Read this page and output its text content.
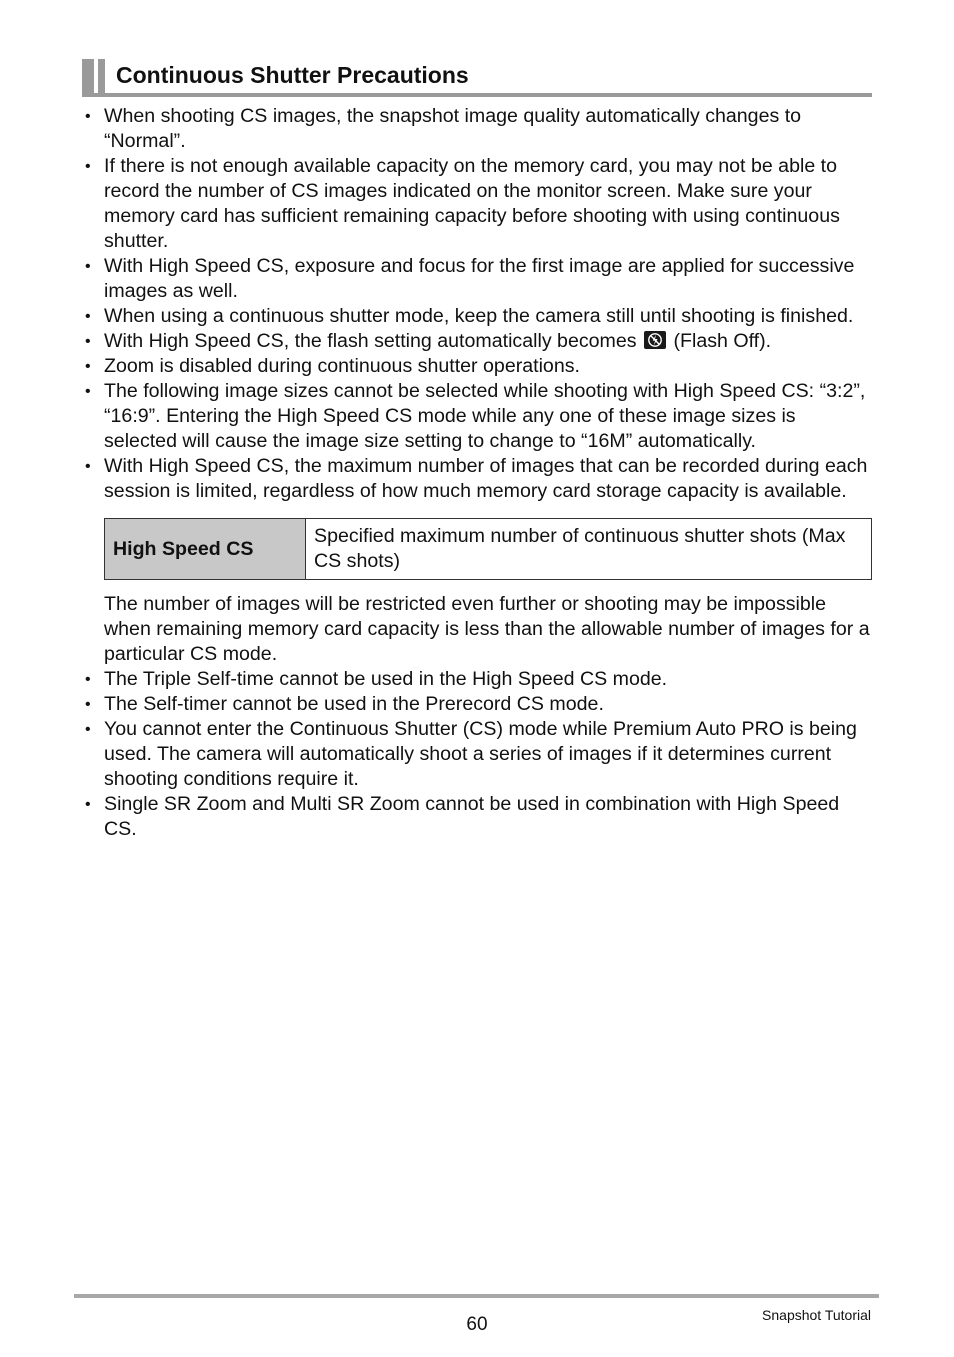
Continuous Shutter Precautions
• When shooting CS images, the snapshot image quality automatically changes to “Normal”.
• If there is not enough available capacity on the memory card, you may not be able to record the number of CS images indicated on the monitor screen. Make sure your memory card has sufficient remaining capacity before shooting with using continuous shutter.
• With High Speed CS, exposure and focus for the first image are applied for successive images as well.
• When using a continuous shutter mode, keep the camera still until shooting is finished.
• With High Speed CS, the flash setting automatically becomes (Flash Off).
• Zoom is disabled during continuous shutter operations.
• The following image sizes cannot be selected while shooting with High Speed CS: “3:2”, “16:9”. Entering the High Speed CS mode while any one of these image sizes is selected will cause the image size setting to change to “16M” automatically.
• With High Speed CS, the maximum number of images that can be recorded during each session is limited, regardless of how much memory card storage capacity is available.
High Speed CS	Specified maximum number of continuous shutter shots (Max CS shots)
The number of images will be restricted even further or shooting may be impossible when remaining memory card capacity is less than the allowable number of images for a particular CS mode.
• The Triple Self-time cannot be used in the High Speed CS mode.
• The Self-timer cannot be used in the Prerecord CS mode.
• You cannot enter the Continuous Shutter (CS) mode while Premium Auto PRO is being used. The camera will automatically shoot a series of images if it determines current shooting conditions require it.
• Single SR Zoom and Multi SR Zoom cannot be used in combination with High Speed CS.
60	Snapshot Tutorial
